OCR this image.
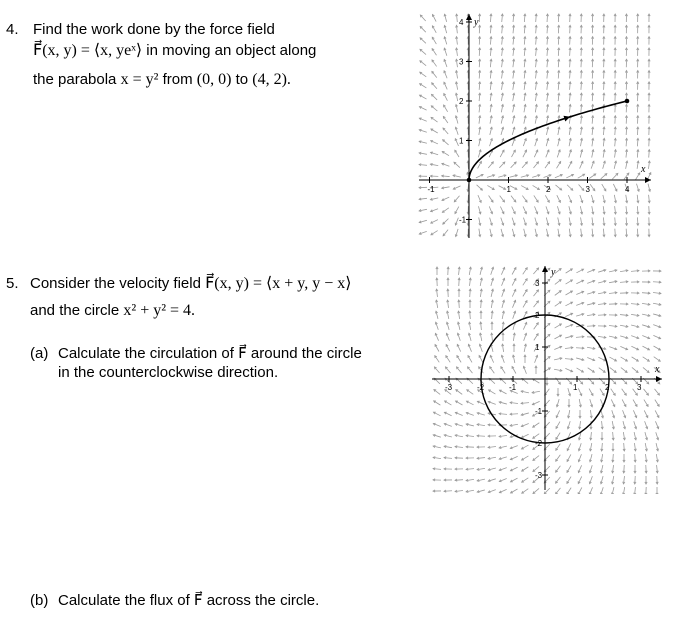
4. Find the work done by the force field
F⃗(x, y) = ⟨x, yeˣ⟩ in moving an object along
the parabola x = y² from (0, 0) to (4, 2).
-1	1	2	3	4
-1
1
2
3
4
x
y
5. Consider the velocity field F⃗(x, y) = ⟨x + y, y − x⟩
and the circle x² + y² = 4.
(a) Calculate the circulation of F⃗ around the circle
in the counterclockwise direction.
(b) Calculate the flux of F⃗ across the circle.
-3	-2	-1	1	2	3
3
2
1
-1
-2
-3
x
y
